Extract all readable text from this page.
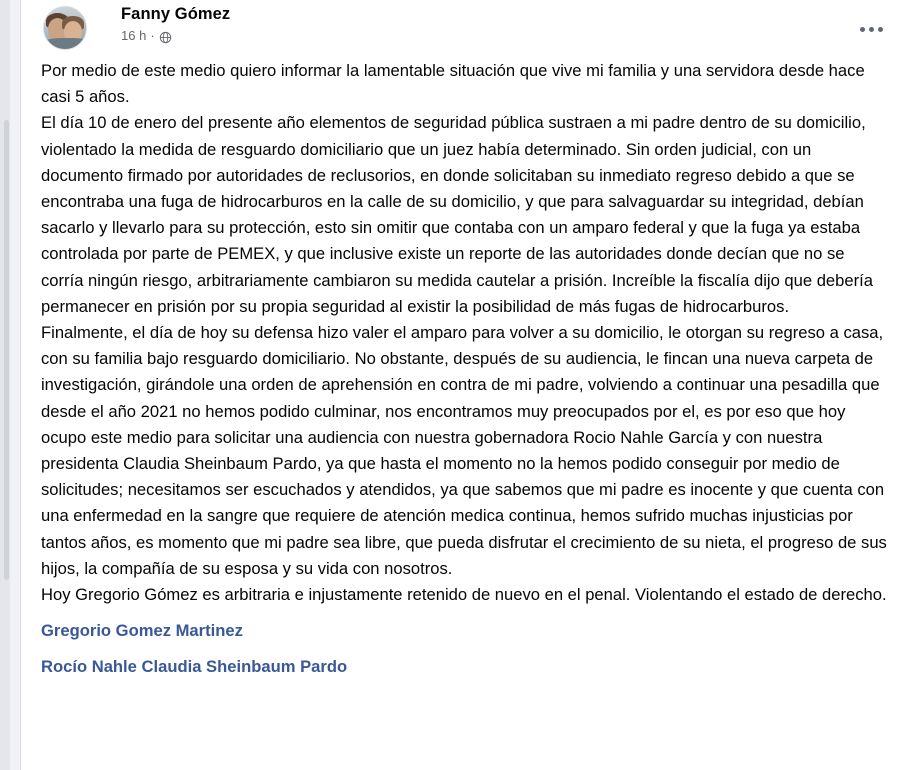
Fanny Gómez
16 h ·

Por medio de este medio quiero informar la lamentable situación que vive mi familia y una servidora desde hace casi 5 años.

El día 10 de enero del presente año elementos de seguridad pública sustraen a mi padre dentro de su domicilio, violentado la medida de resguardo domiciliario que un juez había determinado. Sin orden judicial, con un documento firmado por autoridades de reclusorios, en donde solicitaban su inmediato regreso debido a que se encontraba una fuga de hidrocarburos en la calle de su domicilio, y que para salvaguardar su integridad, debían sacarlo y llevarlo para su protección, esto sin omitir que contaba con un amparo federal y que la fuga ya estaba controlada por parte de PEMEX, y que inclusive existe un reporte de las autoridades donde decían que no se corría ningún riesgo, arbitrariamente cambiaron su medida cautelar a prisión. Increíble la fiscalía dijo que debería permanecer en prisión por su propia seguridad al existir la posibilidad de más fugas de hidrocarburos.

Finalmente, el día de hoy su defensa hizo valer el amparo para volver a su domicilio, le otorgan su regreso a casa, con su familia bajo resguardo domiciliario. No obstante, después de su audiencia, le fincan una nueva carpeta de investigación, girándole una orden de aprehensión en contra de mi padre, volviendo a continuar una pesadilla que desde el año 2021 no hemos podido culminar, nos encontramos muy preocupados por el, es por eso que hoy ocupo este medio para solicitar una audiencia con nuestra gobernadora Rocio Nahle García y con nuestra presidenta Claudia Sheinbaum Pardo, ya que hasta el momento no la hemos podido conseguir por medio de solicitudes; necesitamos ser escuchados y atendidos, ya que sabemos que mi padre es inocente y que cuenta con una enfermedad en la sangre que requiere de atención medica continua, hemos sufrido muchas injusticias por tantos años, es momento que mi padre sea libre, que pueda disfrutar el crecimiento de su nieta, el progreso de sus hijos, la compañía de su esposa y su vida con nosotros.

Hoy Gregorio Gómez es arbitraria e injustamente retenido de nuevo en el penal. Violentando el estado de derecho.

Gregorio Gomez Martinez
Rocío Nahle Claudia Sheinbaum Pardo
